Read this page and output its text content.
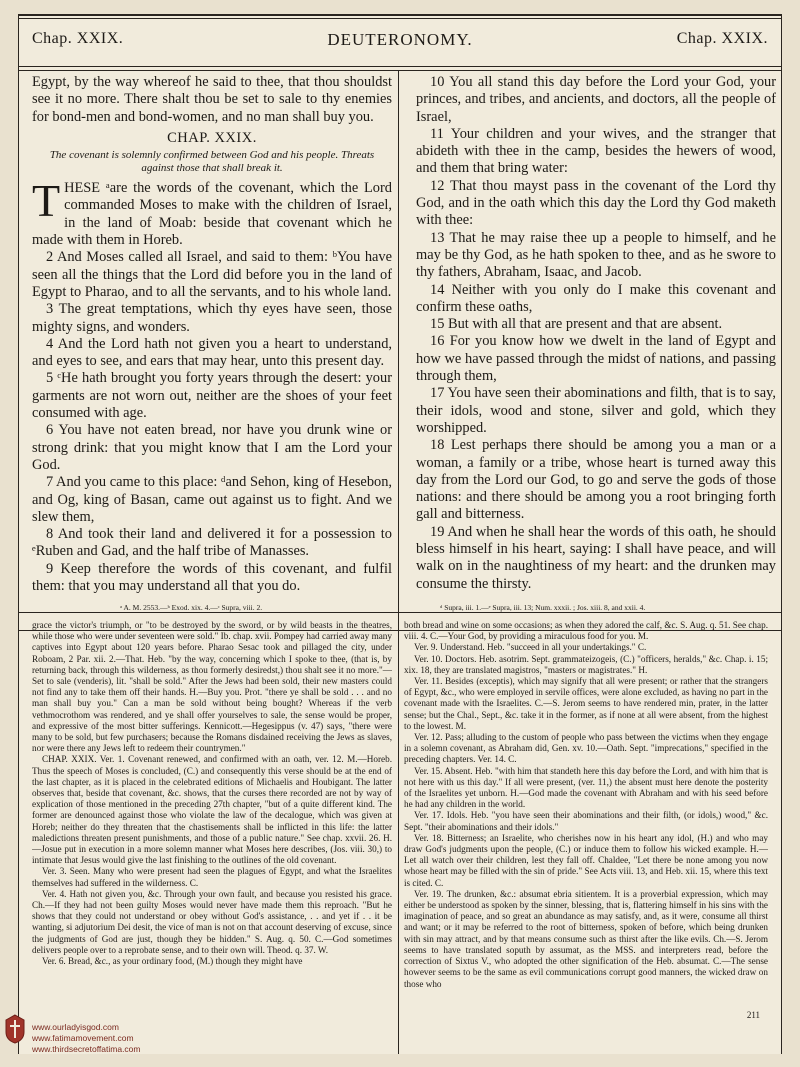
Chap. XXIX.	DEUTERONOMY.	Chap. XXIX.

Egypt, by the way whereof he said to thee, that thou shouldst see it no more. There shalt thou be set to sale to thy enemies for bond-men and bond-women, and no man shall buy you.

CHAP. XXIX.
The covenant is solemnly confirmed between God and his people. Threats against those that shall break it.

T HESE ᵃare the words of the covenant, which the Lord commanded Moses to make with the children of Israel, in the land of Moab: beside that covenant which he made with them in Horeb.

2 And Moses called all Israel, and said to them: ᵇYou have seen all the things that the Lord did before you in the land of Egypt to Pharao, and to all the servants, and to his whole land.

3 The great temptations, which thy eyes have seen, those mighty signs, and wonders.

4 And the Lord hath not given you a heart to understand, and eyes to see, and ears that may hear, unto this present day.

5 ᶜHe hath brought you forty years through the desert: your garments are not worn out, neither are the shoes of your feet consumed with age.

6 You have not eaten bread, nor have you drunk wine or strong drink: that you might know that I am the Lord your God.

7 And you came to this place: ᵈand Sehon, king of Hesebon, and Og, king of Basan, came out against us to fight. And we slew them,

8 And took their land and delivered it for a possession to ᵉRuben and Gad, and the half tribe of Manasses.

9 Keep therefore the words of this covenant, and fulfil them: that you may understand all that you do.

10 You all stand this day before the Lord your God, your princes, and tribes, and ancients, and doctors, all the people of Israel,

11 Your children and your wives, and the stranger that abideth with thee in the camp, besides the hewers of wood, and them that bring water:

12 That thou mayst pass in the covenant of the Lord thy God, and in the oath which this day the Lord thy God maketh with thee:

13 That he may raise thee up a people to himself, and he may be thy God, as he hath spoken to thee, and as he swore to thy fathers, Abraham, Isaac, and Jacob.

14 Neither with you only do I make this covenant and confirm these oaths,

15 But with all that are present and that are absent.

16 For you know how we dwelt in the land of Egypt and how we have passed through the midst of nations, and passing through them,

17 You have seen their abominations and filth, that is to say, their idols, wood and stone, silver and gold, which they worshipped.

18 Lest perhaps there should be among you a man or a woman, a family or a tribe, whose heart is turned away this day from the Lord our God, to go and serve the gods of those nations: and there should be among you a root bringing forth gall and bitterness.

19 And when he shall hear the words of this oath, he should bless himself in his heart, saying: I shall have peace, and will walk on in the naughtiness of my heart: and the drunken may consume the thirsty.

ᵃ A. M. 2553.—ᵇ Exod. xix. 4.—ᶜ Supra, viii. 2.	ᵈ Supra, iii. 1.—ᵉ Supra, iii. 13; Num. xxxii. ; Jos. xiii. 8, and xxii. 4.

grace the victor's triumph, or "to be destroyed by the sword, or by wild beasts in the theatres, while those who were under seventeen were sold." Ib. chap. xvii. Pompey had carried away many captives into Egypt about 120 years before. Pharao Sesac took and pillaged the city, under Roboam, 2 Par. xii. 2.—That. Heb. "by the way, concerning which I spoke to thee, (that is, by returning back, through this wilderness, as thou formerly desiredst,) thou shalt see it no more."—Set to sale (venderis), lit. "shall be sold." After the Jews had been sold, their new masters could not find any to take them off their hands. H.—Buy you. Prot. "there ye shall be sold . . . and no man shall buy you." Can a man be sold without being bought? Whereas if the verb vethmocrothom was rendered, and ye shall offer yourselves to sale, the sense would be proper, and expressive of the most bitter sufferings. Kennicott.—Hegesippus (v. 47) says, "there were many to be sold, but few purchasers; because the Romans disdained receiving the Jews as slaves, nor were there any Jews left to redeem their countrymen."

CHAP. XXIX. Ver. 1. Covenant renewed, and confirmed with an oath, ver. 12. M.—Horeb. Thus the speech of Moses is concluded, (C.) and consequently this verse should be at the end of the last chapter, as it is placed in the celebrated editions of Michaelis and Houbigant. The latter observes that, beside that covenant, &c. shows, that the curses there recorded are not by way of explication of those mentioned in the preceding 27th chapter, "but of a quite different kind. The former are denounced against those who violate the law of the decalogue, which was given at Horeb; neither do they threaten that the chastisements shall be inflicted in this life: the latter maledictions threaten present punishments, and those of a public nature." See chap. xxvii. 26. H.—Josue put in execution in a more solemn manner what Moses here describes, (Jos. viii. 30,) to intimate that Jesus would give the last finishing to the outlines of the old covenant.

Ver. 3. Seen. Many who were present had seen the plagues of Egypt, and what the Israelites themselves had suffered in the wilderness. C.

Ver. 4. Hath not given you, &c. Through your own fault, and because you resisted his grace. Ch.—If they had not been guilty Moses would never have made them this reproach. "But he shows that they could not understand or obey without God's assistance, . . and yet if . . it be wanting, si adjutorium Dei desit, the vice of man is not on that account deserving of excuse, since the judgments of God are just, though they be hidden." S. Aug. q. 50. C.—God sometimes delivers people over to a reprobate sense, and to their own will. Theod. q. 37. W.

Ver. 6. Bread, &c., as your ordinary food, (M.) though they might have

both bread and wine on some occasions; as when they adored the calf, &c. S. Aug. q. 51. See chap. viii. 4. C.—Your God, by providing a miraculous food for you. M.

Ver. 9. Understand. Heb. "succeed in all your undertakings." C.

Ver. 10. Doctors. Heb. asotrim. Sept. grammateizogeis, (C.) "officers, heralds," &c. Chap. i. 15; xix. 18, they are translated magistros, "masters or magistrates." H.

Ver. 11. Besides (exceptis), which may signify that all were present; or rather that the strangers of Egypt, &c., who were employed in servile offices, were alone excluded, as having no part in the covenant made with the Israelites. C.—S. Jerom seems to have rendered min, prater, in the latter sense; but the Chal., Sept., &c. take it in the former, as if none at all were absent, from the highest to the lowest. M.

Ver. 12. Pass; alluding to the custom of people who pass between the victims when they engage in a solemn covenant, as Abraham did, Gen. xv. 10.—Oath. Sept. "imprecations," specified in the preceding chapters. Ver. 14. C.

Ver. 15. Absent. Heb. "with him that standeth here this day before the Lord, and with him that is not here with us this day." If all were present, (ver. 11,) the absent must here denote the posterity of the Israelites yet unborn. H.—God made the covenant with Abraham and with his seed before he had any children in the world.

Ver. 17. Idols. Heb. "you have seen their abominations and their filth, (or idols,) wood," &c. Sept. "their abominations and their idols."

Ver. 18. Bitterness; an Israelite, who cherishes now in his heart any idol, (H.) and who may draw God's judgments upon the people, (C.) or induce them to follow his wicked example. H.—Let all watch over their children, lest they fall off. Chaldee, "Let there be none among you now whose heart may be filled with the sin of pride." See Acts viii. 13, and Heb. xii. 15, where this text is cited. C.

Ver. 19. The drunken, &c.: absumat ebria sitientem. It is a proverbial expression, which may either be understood as spoken by the sinner, blessing, that is, flattering himself in his sins with the imagination of peace, and so great an abundance as may satisfy, and, as it were, consume all thirst and want; or it may be referred to the root of bitterness, spoken of before, which being drunken with sin may attract, and by that means consume such as thirst after the like evils. Ch.—S. Jerom seems to have translated soputh by assumat, as the MSS. and interpreters read, before the correction of Sixtus V., who adopted the other signification of the Heb. absumat. C.—The sense however seems to be the same as evil communications corrupt good manners, the wicked draw on those who

211
www.ourladyisgod.com
www.fatimamovement.com
www.thirdsecretoffatima.com
